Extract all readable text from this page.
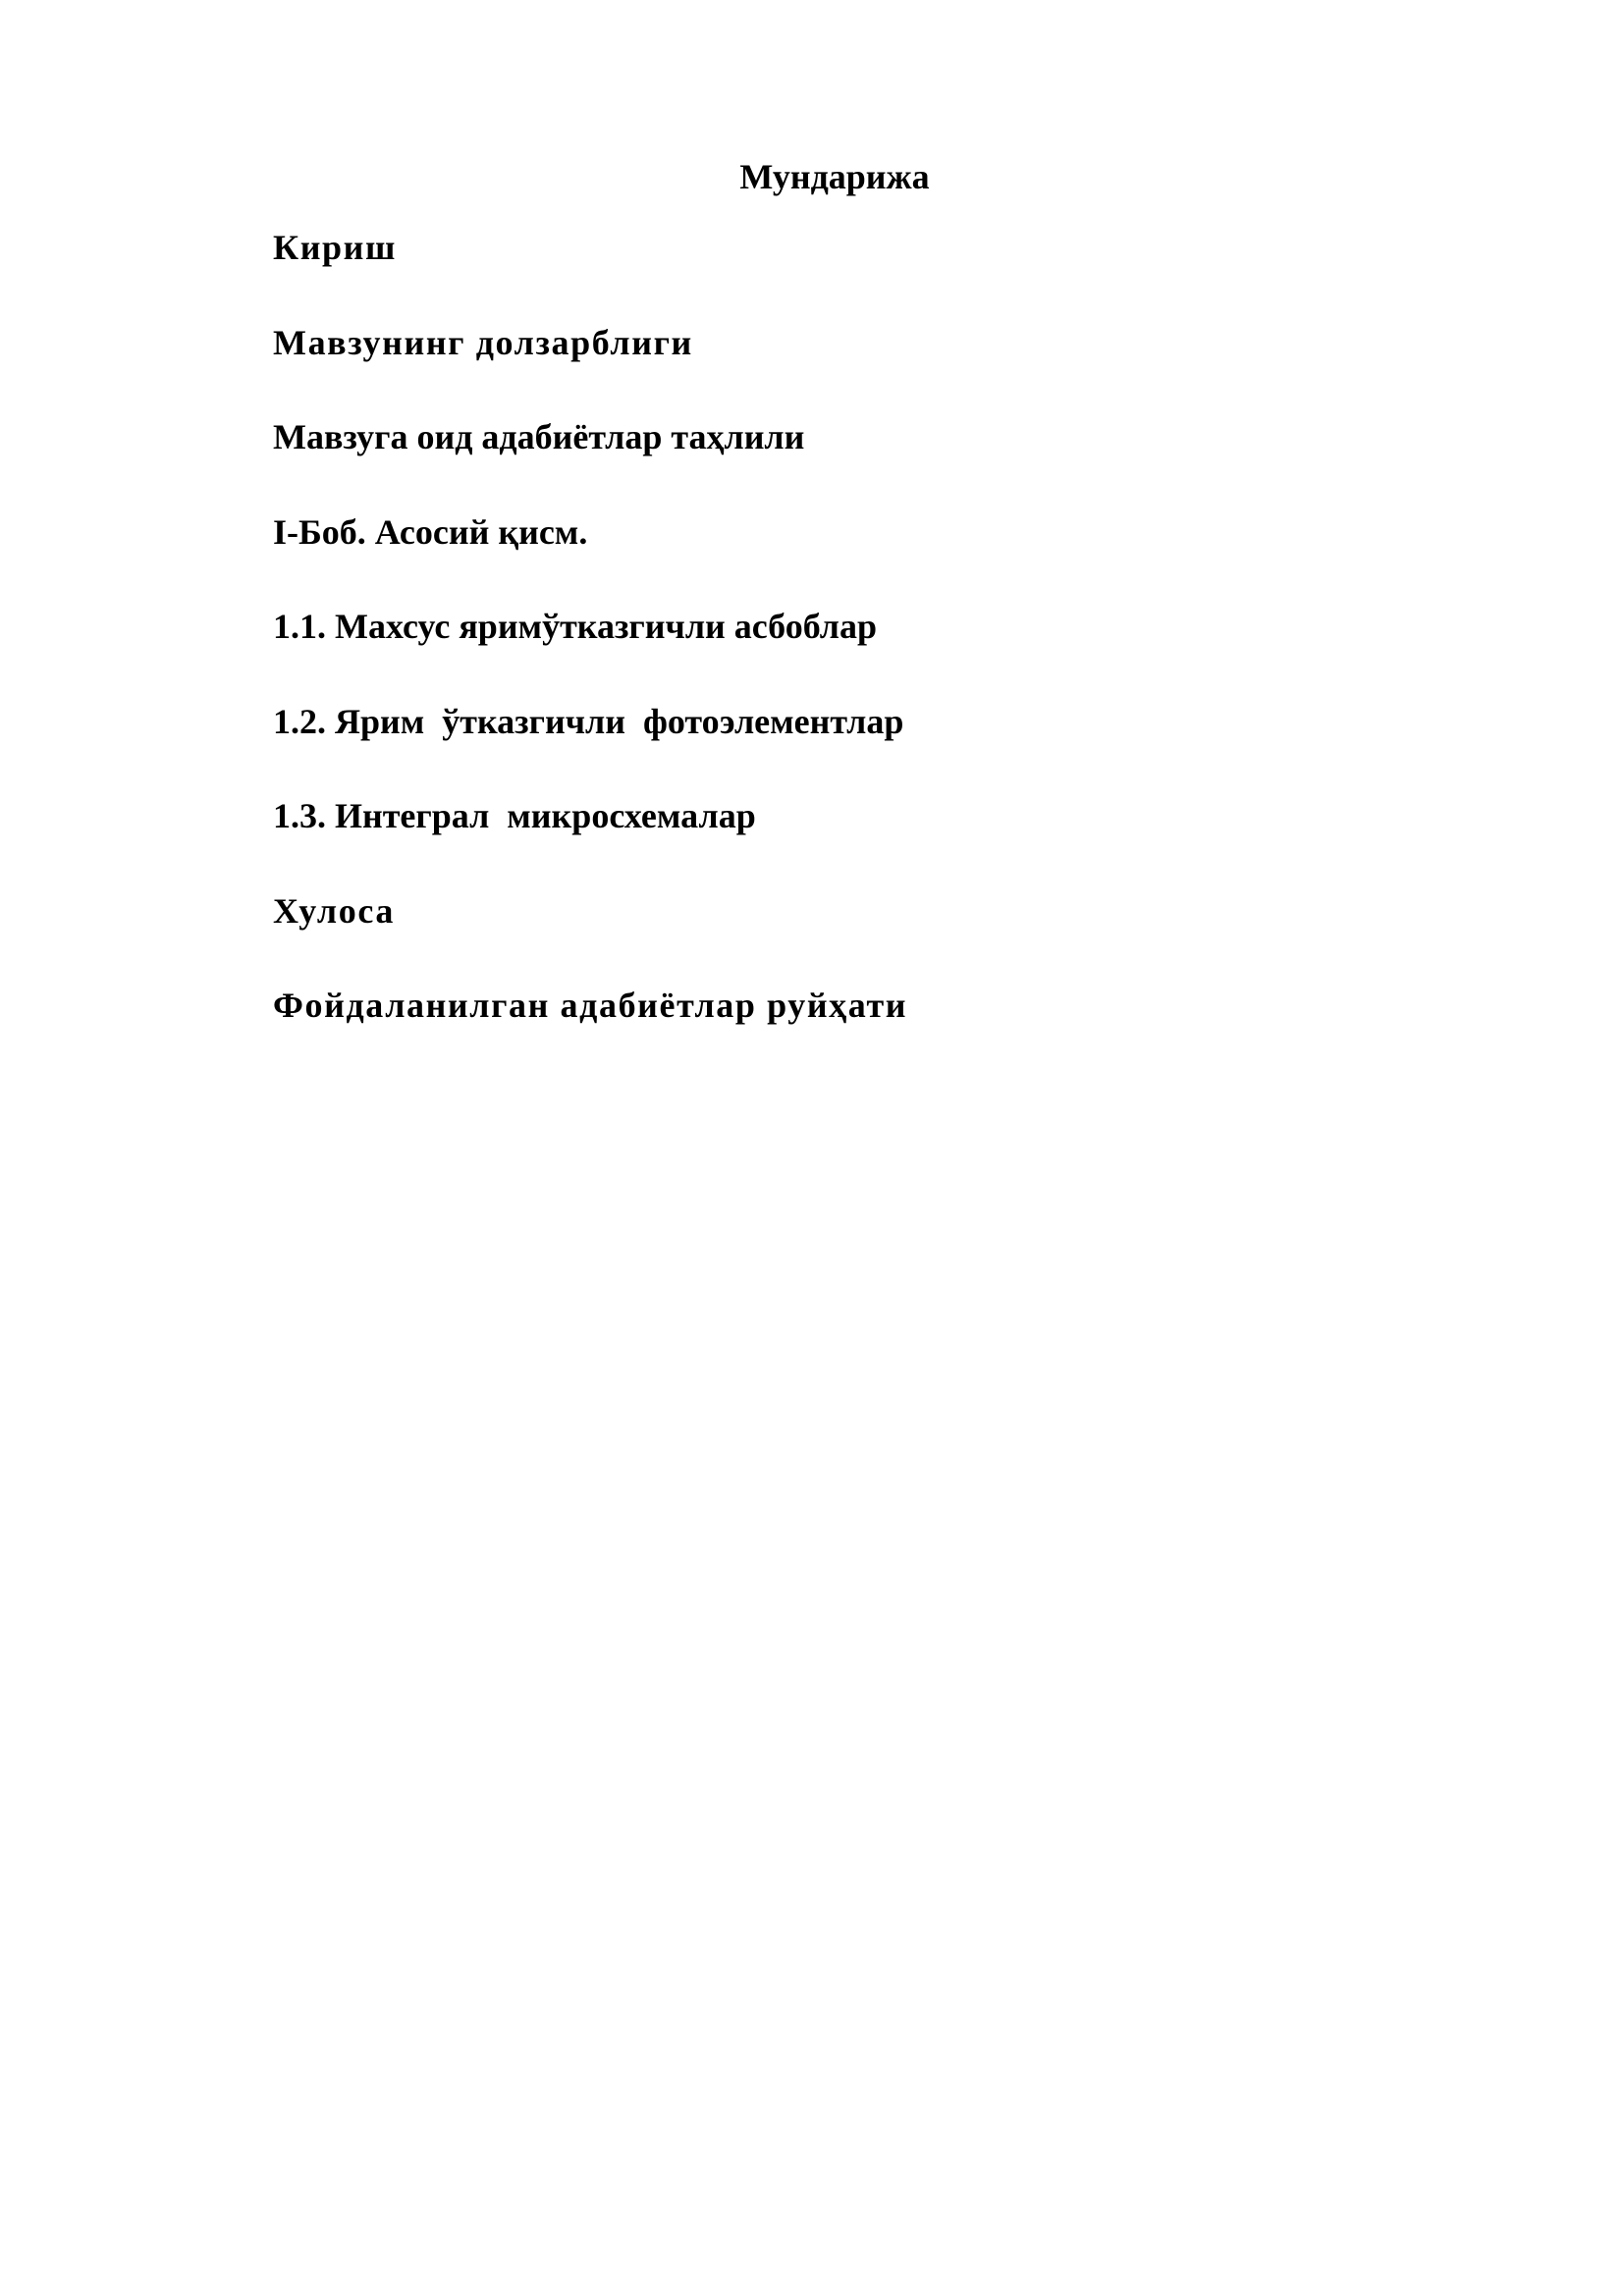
Мундарижа
Кириш
Мавзунинг долзарблиги
Мавзуга оид адабиётлар таҳлили
I-Боб. Асосий қисм.
1.1. Махсус яримўтказгичли асбоблар
1.2. Ярим  ўтказгичли  фотоэлементлар
1.3. Интеграл  микросхемалар
Хулоса
Фойдаланилган адабиётлар руйҳати
